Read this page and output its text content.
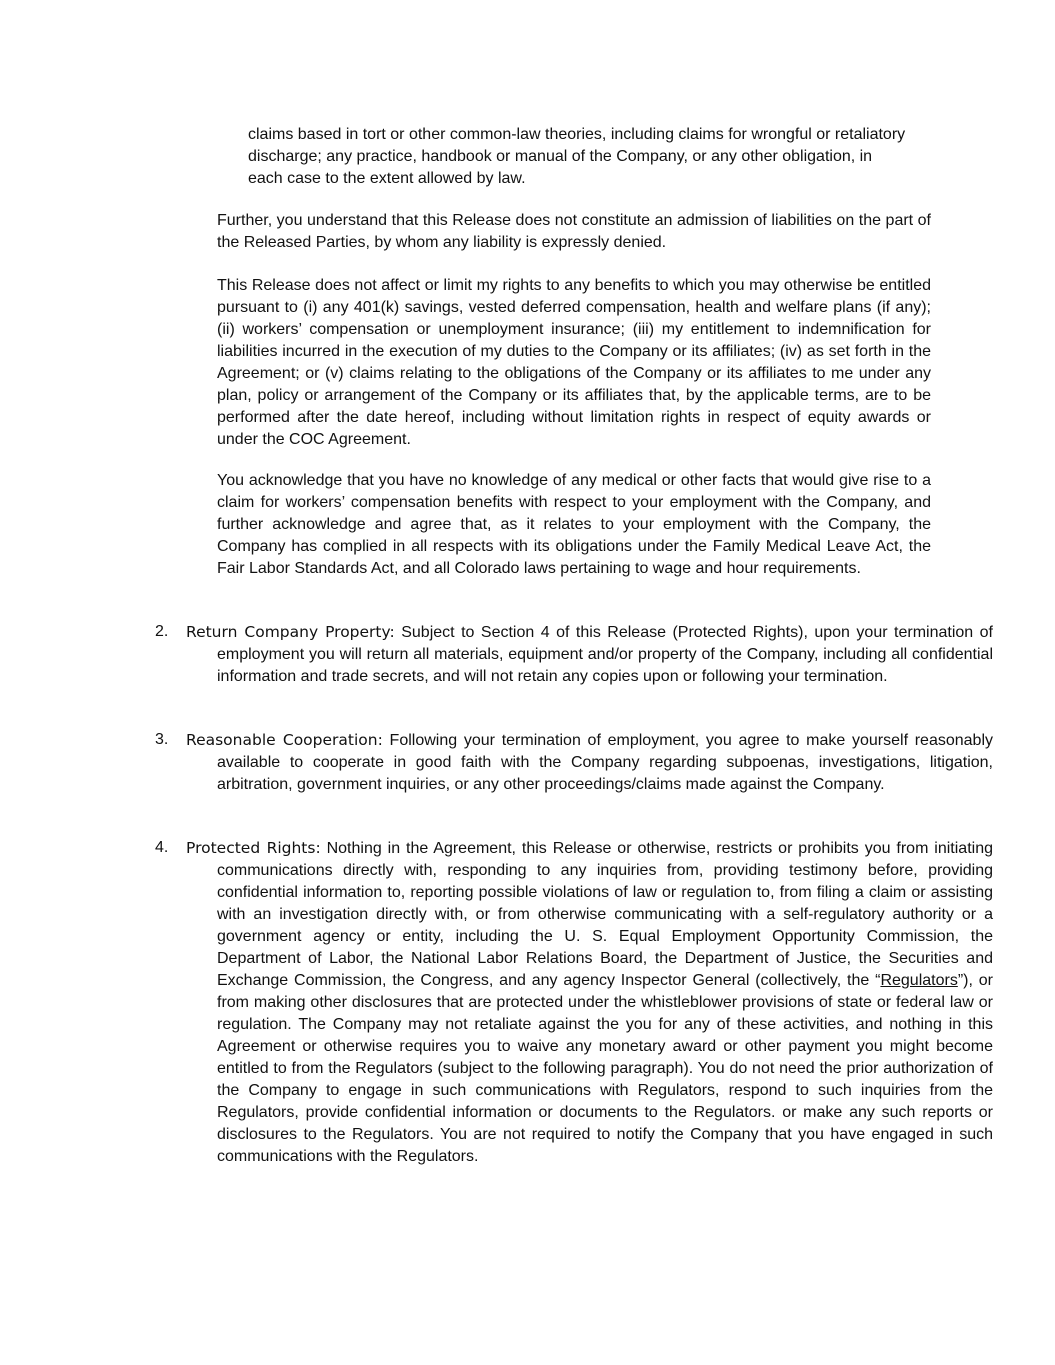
claims based in tort or other common-law theories, including claims for wrongful or retaliatory discharge; any practice, handbook or manual of the Company, or any other obligation, in each case to the extent allowed by law.

Further, you understand that this Release does not constitute an admission of liabilities on the part of the Released Parties, by whom any liability is expressly denied.

This Release does not affect or limit my rights to any benefits to which you may otherwise be entitled pursuant to (i) any 401(k) savings, vested deferred compensation, health and welfare plans (if any); (ii) workers’ compensation or unemployment insurance; (iii) my entitlement to indemnification for liabilities incurred in the execution of my duties to the Company or its affiliates; (iv) as set forth in the Agreement; or (v) claims relating to the obligations of the Company or its affiliates to me under any plan, policy or arrangement of the Company or its affiliates that, by the applicable terms, are to be performed after the date hereof, including without limitation rights in respect of equity awards or under the COC Agreement.

You acknowledge that you have no knowledge of any medical or other facts that would give rise to a claim for workers’ compensation benefits with respect to your employment with the Company, and further acknowledge and agree that, as it relates to your employment with the Company, the Company has complied in all respects with its obligations under the Family Medical Leave Act, the Fair Labor Standards Act, and all Colorado laws pertaining to wage and hour requirements.

2. Return Company Property: Subject to Section 4 of this Release (Protected Rights), upon your termination of employment you will return all materials, equipment and/or property of the Company, including all confidential information and trade secrets, and will not retain any copies upon or following your termination.
3. Reasonable Cooperation: Following your termination of employment, you agree to make yourself reasonably available to cooperate in good faith with the Company regarding subpoenas, investigations, litigation, arbitration, government inquiries, or any other proceedings/claims made against the Company.
4. Protected Rights: Nothing in the Agreement, this Release or otherwise, restricts or prohibits you from initiating communications directly with, responding to any inquiries from, providing testimony before, providing confidential information to, reporting possible violations of law or regulation to, from filing a claim or assisting with an investigation directly with, or from otherwise communicating with a self-regulatory authority or a government agency or entity, including the U. S. Equal Employment Opportunity Commission, the Department of Labor, the National Labor Relations Board, the Department of Justice, the Securities and Exchange Commission, the Congress, and any agency Inspector General (collectively, the “Regulators”), or from making other disclosures that are protected under the whistleblower provisions of state or federal law or regulation. The Company may not retaliate against the you for any of these activities, and nothing in this Agreement or otherwise requires you to waive any monetary award or other payment you might become entitled to from the Regulators (subject to the following paragraph). You do not need the prior authorization of the Company to engage in such communications with Regulators, respond to such inquiries from the Regulators, provide confidential information or documents to the Regulators. or make any such reports or disclosures to the Regulators. You are not required to notify the Company that you have engaged in such communications with the Regulators.
